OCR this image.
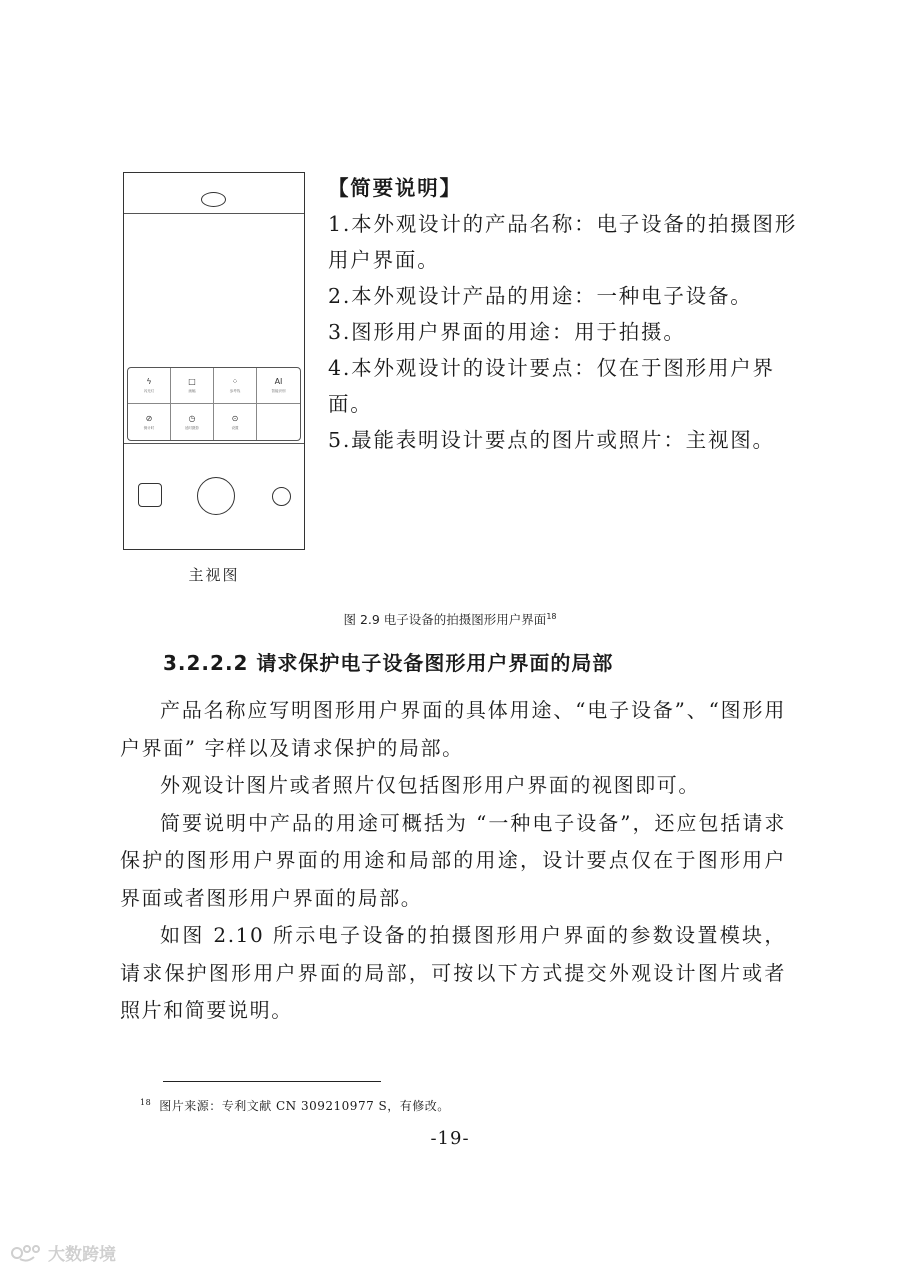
ϟ
闪光灯
□
画幅
⁘
参考线
AI
智能识别
⊘
倒计时
◷
延时摄影
⊙
设置
主视图

【简要说明】

1.本外观设计的产品名称：电子设备的拍摄图形用户界面。

2.本外观设计产品的用途：一种电子设备。

3.图形用户界面的用途：用于拍摄。

4.本外观设计的设计要点：仅在于图形用户界面。

5.最能表明设计要点的图片或照片：主视图。

图 2.9 电子设备的拍摄图形用户界面$^{18}$
3.2.2.2 请求保护电子设备图形用户界面的局部

产品名称应写明图形用户界面的具体用途、“电子设备”、“图形用户界面” 字样以及请求保护的局部。

外观设计图片或者照片仅包括图形用户界面的视图即可。

简要说明中产品的用途可概括为 “一种电子设备”，还应包括请求保护的图形用户界面的用途和局部的用途，设计要点仅在于图形用户界面或者图形用户界面的局部。

如图 2.10 所示电子设备的拍摄图形用户界面的参数设置模块，请求保护图形用户界面的局部，可按以下方式提交外观设计图片或者照片和简要说明。

$^{18}$ 图片来源：专利文献 CN 309210977 S，有修改。
-19-
大数跨境
